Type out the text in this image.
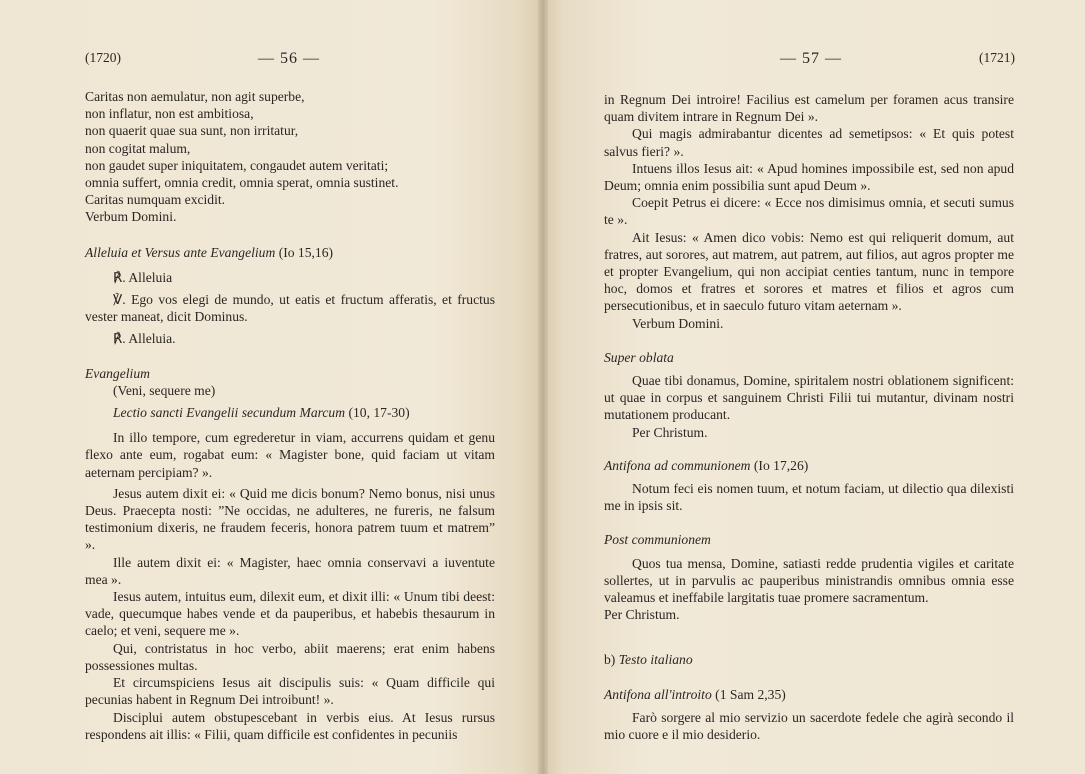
(1720)	— 56 —
Caritas non aemulatur, non agit superbe,
non inflatur, non est ambitiosa,
non quaerit quae sua sunt, non irritatur,
non cogitat malum,
non gaudet super iniquitatem, congaudet autem veritati;
omnia suffert, omnia credit, omnia sperat, omnia sustinet.
Caritas numquam excidit.
Verbum Domini.
Alleluia et Versus ante Evangelium (Io 15,16)

℟. Alleluia

℣. Ego vos elegi de mundo, ut eatis et fructum afferatis, et fructus vester maneat, dicit Dominus.

℟. Alleluia.

Evangelium

(Veni, sequere me)

Lectio sancti Evangelii secundum Marcum (10, 17-30)

In illo tempore, cum egrederetur in viam, accurrens quidam et genu flexo ante eum, rogabat eum: « Magister bone, quid faciam ut vitam aeternam percipiam? ».

Jesus autem dixit ei: « Quid me dicis bonum? Nemo bonus, nisi unus Deus. Praecepta nosti: ”Ne occidas, ne adulteres, ne fureris, ne falsum testimonium dixeris, ne fraudem feceris, honora patrem tuum et matrem” ».

Ille autem dixit ei: « Magister, haec omnia conservavi a iuventute mea ».

Iesus autem, intuitus eum, dilexit eum, et dixit illi: « Unum tibi deest: vade, quecumque habes vende et da pauperibus, et habebis thesaurum in caelo; et veni, sequere me ».

Qui, contristatus in hoc verbo, abiit maerens; erat enim habens possessiones multas.

Et circumspiciens Iesus ait discipulis suis: « Quam difficile qui pecunias habent in Regnum Dei introibunt! ».

Disciplui autem obstupescebant in verbis eius. At Iesus rursus respondens ait illis: « Filii, quam difficile est confidentes in pecuniis

— 57 —	(1721)

in Regnum Dei introire! Facilius est camelum per foramen acus transire quam divitem intrare in Regnum Dei ».

Qui magis admirabantur dicentes ad semetipsos: « Et quis potest salvus fieri? ».

Intuens illos Iesus ait: « Apud homines impossibile est, sed non apud Deum; omnia enim possibilia sunt apud Deum ».

Coepit Petrus ei dicere: « Ecce nos dimisimus omnia, et secuti sumus te ».

Ait Iesus: « Amen dico vobis: Nemo est qui reliquerit domum, aut fratres, aut sorores, aut matrem, aut patrem, aut filios, aut agros propter me et propter Evangelium, qui non accipiat centies tantum, nunc in tempore hoc, domos et fratres et sorores et matres et filios et agros cum persecutionibus, et in saeculo futuro vitam aeternam ».

Verbum Domini.

Super oblata

Quae tibi donamus, Domine, spiritalem nostri oblationem significent: ut quae in corpus et sanguinem Christi Filii tui mutantur, divinam nostri mutationem producant.

Per Christum.

Antifona ad communionem (Io 17,26)

Notum feci eis nomen tuum, et notum faciam, ut dilectio qua dilexisti me in ipsis sit.

Post communionem

Quos tua mensa, Domine, satiasti redde prudentia vigiles et caritate sollertes, ut in parvulis ac pauperibus ministrandis omnibus omnia esse valeamus et ineffabile largitatis tuae promere sacramentum.

Per Christum.

b) Testo italiano
Antifona all'introito (1 Sam 2,35)

Farò sorgere al mio servizio un sacerdote fedele che agirà secondo il mio cuore e il mio desiderio.
